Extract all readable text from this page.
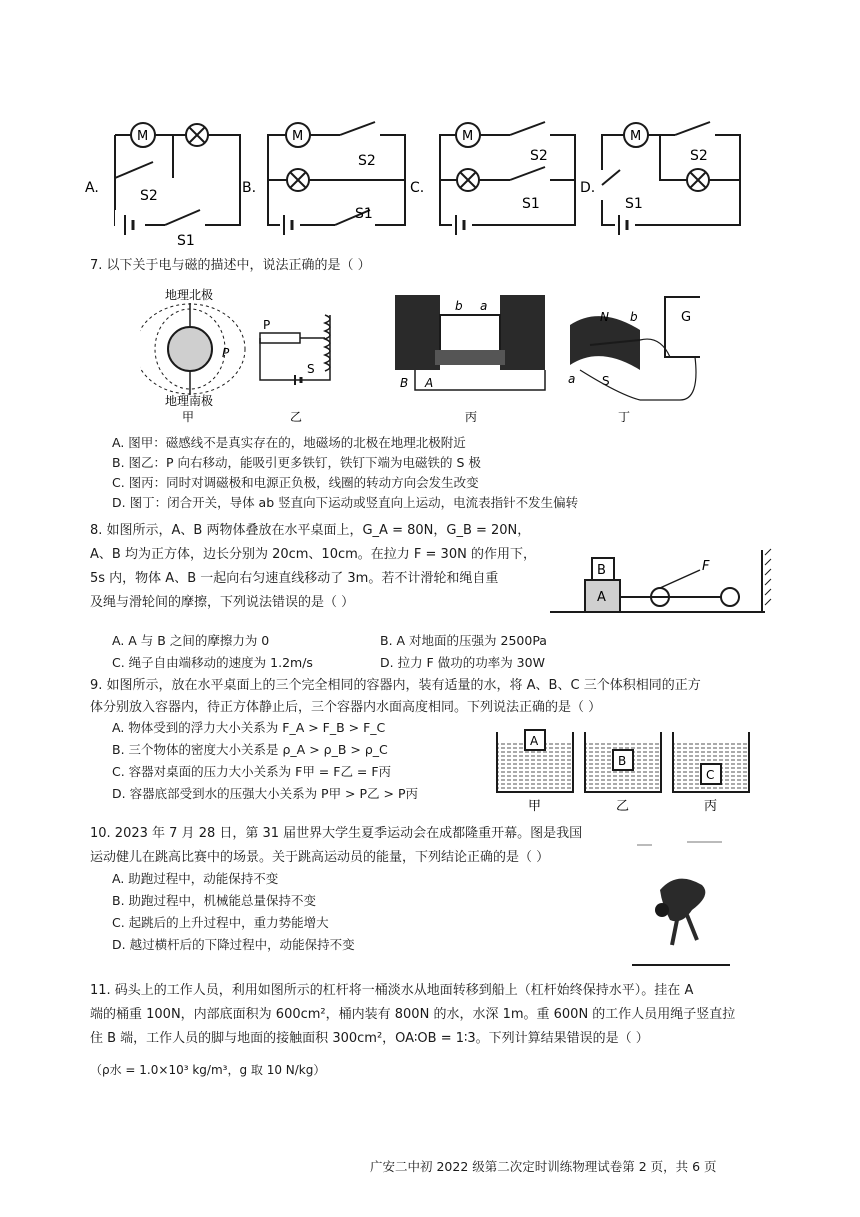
A.
M
S2
S1
B.
M
S2
S1
C.
M
S2
S1
D.
M
S2
S1
7. 以下关于电与磁的描述中，说法正确的是（ ）
地理北极
P
地理南极
甲
P
S
乙
a
b
B A
丙
N b
a S
G
丁
A. 图甲：磁感线不是真实存在的，地磁场的北极在地理北极附近
B. 图乙：P 向右移动，能吸引更多铁钉，铁钉下端为电磁铁的 S 极
C. 图丙：同时对调磁极和电源正负极，线圈的转动方向会发生改变
D. 图丁：闭合开关，导体 ab 竖直向下运动或竖直向上运动，电流表指针不发生偏转
8. 如图所示，A、B 两物体叠放在水平桌面上，G_A = 80N，G_B = 20N，
A、B 均为正方体，边长分别为 20cm、10cm。在拉力 F = 30N 的作用下，
5s 内，物体 A、B 一起向右匀速直线移动了 3m。若不计滑轮和绳自重
及绳与滑轮间的摩擦，下列说法错误的是（ ）	A
B	F
A. A 与 B 之间的摩擦力为 0	B. A 对地面的压强为 2500Pa
C. 绳子自由端移动的速度为 1.2m/s	D. 拉力 F 做功的功率为 30W
9. 如图所示，放在水平桌面上的三个完全相同的容器内，装有适量的水，将 A、B、C 三个体积相同的正方
体分别放入容器内，待正方体静止后，三个容器内水面高度相同。下列说法正确的是（ ）
A. 物体受到的浮力大小关系为 F_A > F_B > F_C
B. 三个物体的密度大小关系是 ρ_A > ρ_B > ρ_C
C. 容器对桌面的压力大小关系为 F甲 = F乙 = F丙
D. 容器底部受到水的压强大小关系为 P甲 > P乙 > P丙
A
甲
B
乙
C
丙
10. 2023 年 7 月 28 日，第 31 届世界大学生夏季运动会在成都隆重开幕。图是我国
运动健儿在跳高比赛中的场景。关于跳高运动员的能量，下列结论正确的是（ ）
A. 助跑过程中，动能保持不变
B. 助跑过程中，机械能总量保持不变
C. 起跳后的上升过程中，重力势能增大
D. 越过横杆后的下降过程中，动能保持不变
11. 码头上的工作人员，利用如图所示的杠杆将一桶淡水从地面转移到船上（杠杆始终保持水平）。挂在 A
端的桶重 100N，内部底面积为 600cm²，桶内装有 800N 的水，水深 1m。重 600N 的工作人员用绳子竖直拉
住 B 端，工作人员的脚与地面的接触面积 300cm²，OA∶OB = 1∶3。下列计算结果错误的是（ ）
（ρ水 = 1.0×10³ kg/m³，g 取 10 N/kg）
广安二中初 2022 级第二次定时训练物理试卷第 2 页，共 6 页
